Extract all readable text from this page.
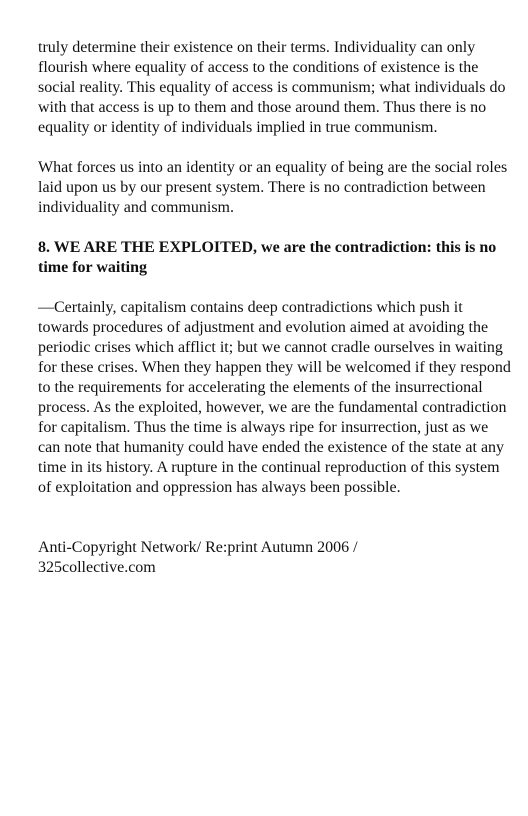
truly determine their existence on their terms. Individuality can only flourish where equality of access to the conditions of existence is the social reality. This equality of access is communism; what individuals do with that access is up to them and those around them. Thus there is no equality or identity of individuals implied in true communism.

What forces us into an identity or an equality of being are the social roles laid upon us by our present system. There is no contradiction between individuality and communism.

8. WE ARE THE EXPLOITED, we are the contradiction: this is no time for waiting

—Certainly, capitalism contains deep contradictions which push it towards procedures of adjustment and evolution aimed at avoiding the periodic crises which afflict it; but we cannot cradle ourselves in waiting for these crises. When they happen they will be welcomed if they respond to the requirements for accelerating the elements of the insurrectional process. As the exploited, however, we are the fundamental contradiction for capitalism. Thus the time is always ripe for insurrection, just as we can note that humanity could have ended the existence of the state at any time in its history. A rupture in the continual reproduction of this system of exploitation and oppression has always been possible.

Anti-Copyright Network/ Re:print Autumn 2006 /

325collective.com
